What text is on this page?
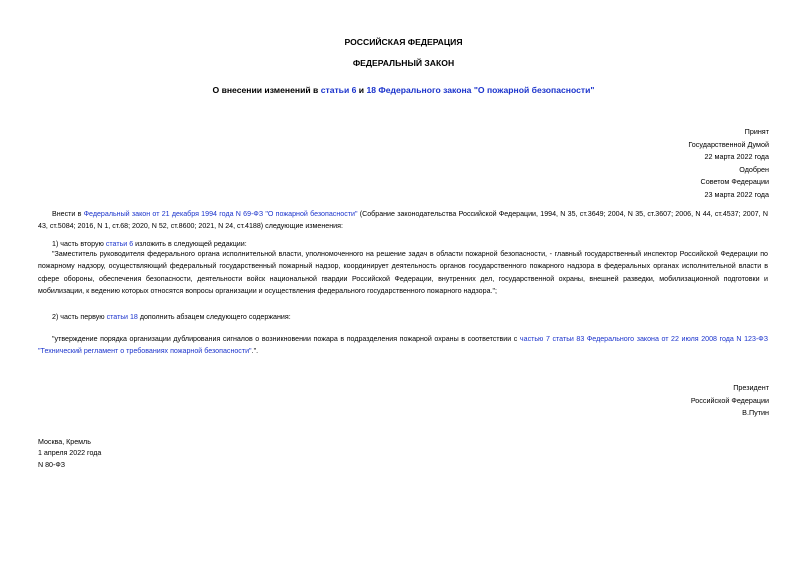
РОССИЙСКАЯ ФЕДЕРАЦИЯ
ФЕДЕРАЛЬНЫЙ ЗАКОН
О внесении изменений в статьи 6 и 18 Федерального закона "О пожарной безопасности"
Принят
Государственной Думой
22 марта 2022 года
Одобрен
Советом Федерации
23 марта 2022 года
Внести в Федеральный закон от 21 декабря 1994 года N 69-ФЗ "О пожарной безопасности" (Собрание законодательства Российской Федерации, 1994, N 35, ст.3649; 2004, N 35, ст.3607; 2006, N 44, ст.4537; 2007, N 43, ст.5084; 2016, N 1, ст.68; 2020, N 52, ст.8600; 2021, N 24, ст.4188) следующие изменения:
1) часть вторую статьи 6 изложить в следующей редакции:
"Заместитель руководителя федерального органа исполнительной власти, уполномоченного на решение задач в области пожарной безопасности, - главный государственный инспектор Российской Федерации по пожарному надзору, осуществляющий федеральный государственный пожарный надзор, координирует деятельность органов государственного пожарного надзора в федеральных органах исполнительной власти в сфере обороны, обеспечения безопасности, деятельности войск национальной гвардии Российской Федерации, внутренних дел, государственной охраны, внешней разведки, мобилизационной подготовки и мобилизации, к ведению которых относятся вопросы организации и осуществления федерального государственного пожарного надзора.";
2) часть первую статьи 18 дополнить абзацем следующего содержания:
"утверждение порядка организации дублирования сигналов о возникновении пожара в подразделения пожарной охраны в соответствии с частью 7 статьи 83 Федерального закона от 22 июля 2008 года N 123-ФЗ "Технический регламент о требованиях пожарной безопасности".".
Президент
Российской Федерации
В.Путин
Москва, Кремль
1 апреля 2022 года
N 80-ФЗ
